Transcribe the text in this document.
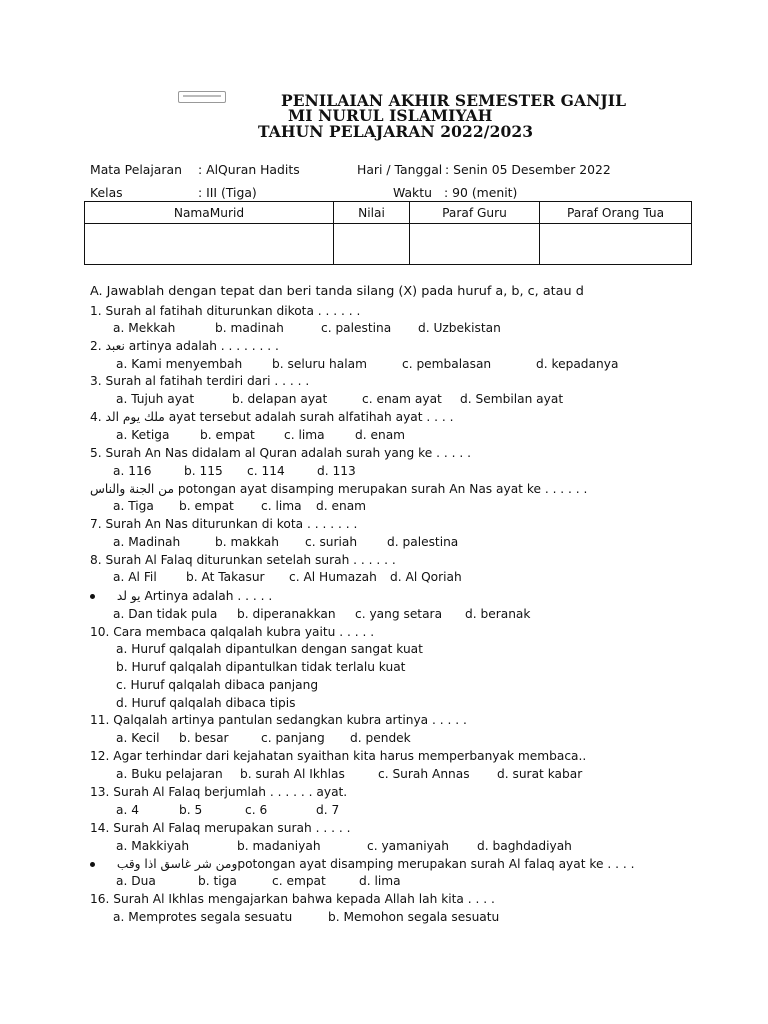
PENILAIAN AKHIR SEMESTER GANJIL
MI NURUL ISLAMIYAH
TAHUN PELAJARAN 2022/2023
Mata Pelajaran : AlQuran Hadits	Hari / Tanggal : Senin 05 Desember 2022
Kelas	: III (Tiga)	Waktu : 90 (menit)
NamaMurid	Nilai	Paraf Guru	Paraf Orang Tua

A. Jawablah dengan tepat dan beri tanda silang (X) pada huruf a, b, c, atau d
1. Surah al fatihah diturunkan dikota . . . . . .
a. Mekkah	b. madinah	c. palestina d. Uzbekistan
2. نعبد artinya adalah . . . . . . . .
a. Kami menyembah b. seluru halam	c. pembalasan	d. kepadanya
3. Surah al fatihah terdiri dari . . . . .
a. Tujuh ayat	b. delapan ayat	c. enam ayat d. Sembilan ayat
4. ملك يوم الد ayat tersebut adalah surah alfatihah ayat . . . .
a. Ketiga	b. empat c. lima d. enam
5. Surah An Nas didalam al Quran adalah surah yang ke . . . . .
a. 116	b. 115 c. 114	d. 113
من الجنة والناس potongan ayat disamping merupakan surah An Nas ayat ke . . . . . .
a. Tiga b. empat c. lima d. enam
7. Surah An Nas diturunkan di kota . . . . . . .
a. Madinah	b. makkah c. suriah d. palestina
8. Surah Al Falaq diturunkan setelah surah . . . . . .
a. Al Fil b. At Takasur c. Al Humazah d. Al Qoriah
يو لد Artinya adalah . . . . .
a. Dan tidak pula b. diperanakkan c. yang setara d. beranak
10. Cara membaca qalqalah kubra yaitu . . . . .
a. Huruf qalqalah dipantulkan dengan sangat kuat
b. Huruf qalqalah dipantulkan tidak terlalu kuat
c. Huruf qalqalah dibaca panjang
d. Huruf qalqalah dibaca tipis
11. Qalqalah artinya pantulan sedangkan kubra artinya . . . . .
a. Kecil b. besar	c. panjang d. pendek
12. Agar terhindar dari kejahatan syaithan kita harus memperbanyak membaca..
a. Buku pelajaran b. surah Al Ikhlas	c. Surah Annas d. surat kabar
13. Surah Al Falaq berjumlah . . . . . . ayat.
a. 4	b. 5	c. 6	d. 7
14. Surah Al Falaq merupakan surah . . . . .
a. Makkiyah	b. madaniyah	c. yamaniyah d. baghdadiyah
ومن شر غاسق اذا وقبpotongan ayat disamping merupakan surah Al falaq ayat ke . . . .
a. Dua	b. tiga	c. empat	d. lima
16. Surah Al Ikhlas mengajarkan bahwa kepada Allah lah kita . . . .
a. Memprotes segala sesuatu	b. Memohon segala sesuatu
